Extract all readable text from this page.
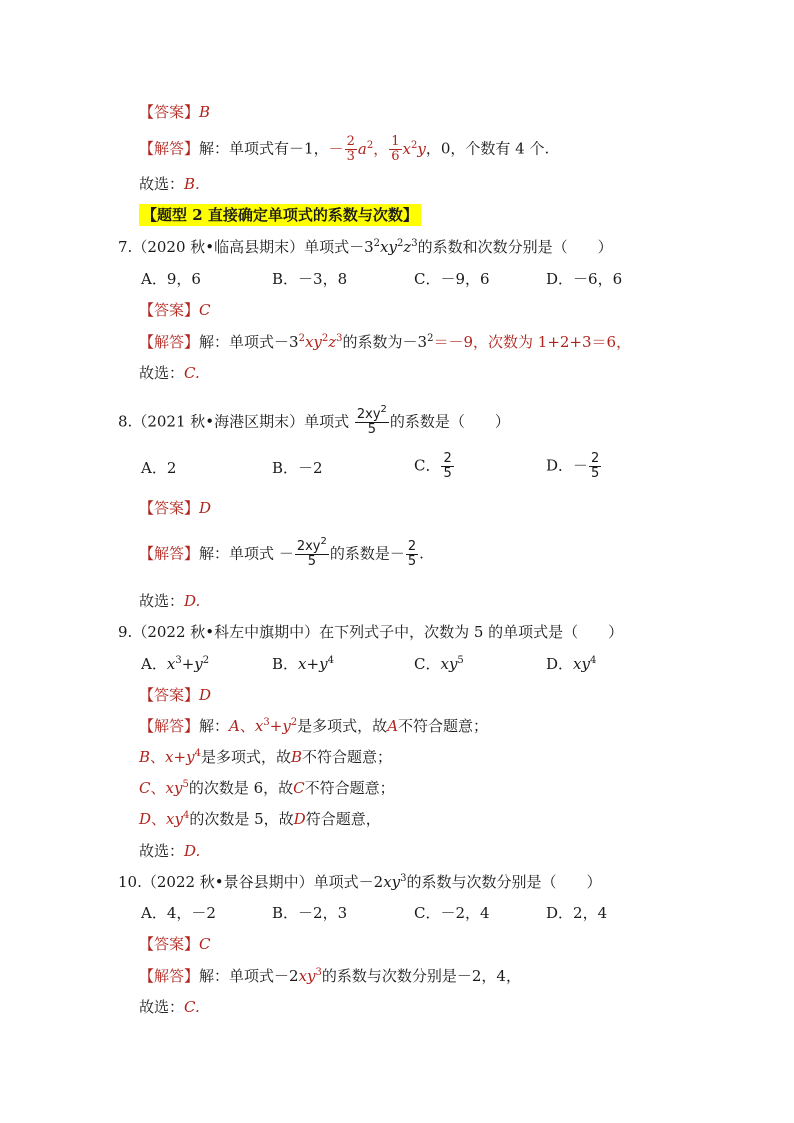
【答案】B
【解答】解：单项式有－1，－ $\frac{2}{3} a^2$， $\frac{1}{6} x^2y$，0，个数有 4 个.
故选：B.
【题型 2 直接确定单项式的系数与次数】
7.（2020 秋•临高县期末）单项式$-3^2xy^2z^3$的系数和次数分别是（　　）
A．9，6	B．－3，8	C．－9，6	D．－6，6
【答案】C
【解答】解：单项式$-3^2xy^2z^3$的系数为$-3^2=-9$，次数为 1+2+3＝6，
故选：C.
8.（2021 秋•海港区期末）单项式 $\frac{2xy^2}{5}$ 的系数是（　　）
A．2	B．－2	C． $\frac{2}{5}$	D．－ $\frac{2}{5}$
【答案】D
【解答】解：单项式 － $\frac{2xy^2}{5}$ 的系数是－ $\frac{2}{5}$ .
故选：D.
9.（2022 秋•科左中旗期中）在下列式子中，次数为 5 的单项式是（　　）
A．$x^3+y^2$	B．$x+y^4$	C．$xy^5$	D．$xy^4$
【答案】D
【解答】解：A、$x^3+y^2$是多项式，故A不符合题意；
B、$x+y^4$是多项式，故B不符合题意；
C、$xy^5$的次数是 6，故C不符合题意；
D、$xy^4$的次数是 5，故D符合题意，
故选：D.
10.（2022 秋•景谷县期中）单项式$-2xy^3$的系数与次数分别是（　　）
A．4，－2	B．－2，3	C．－2，4	D．2，4
【答案】C
【解答】解：单项式$-2xy^3$的系数与次数分别是－2，4，
故选：C.
